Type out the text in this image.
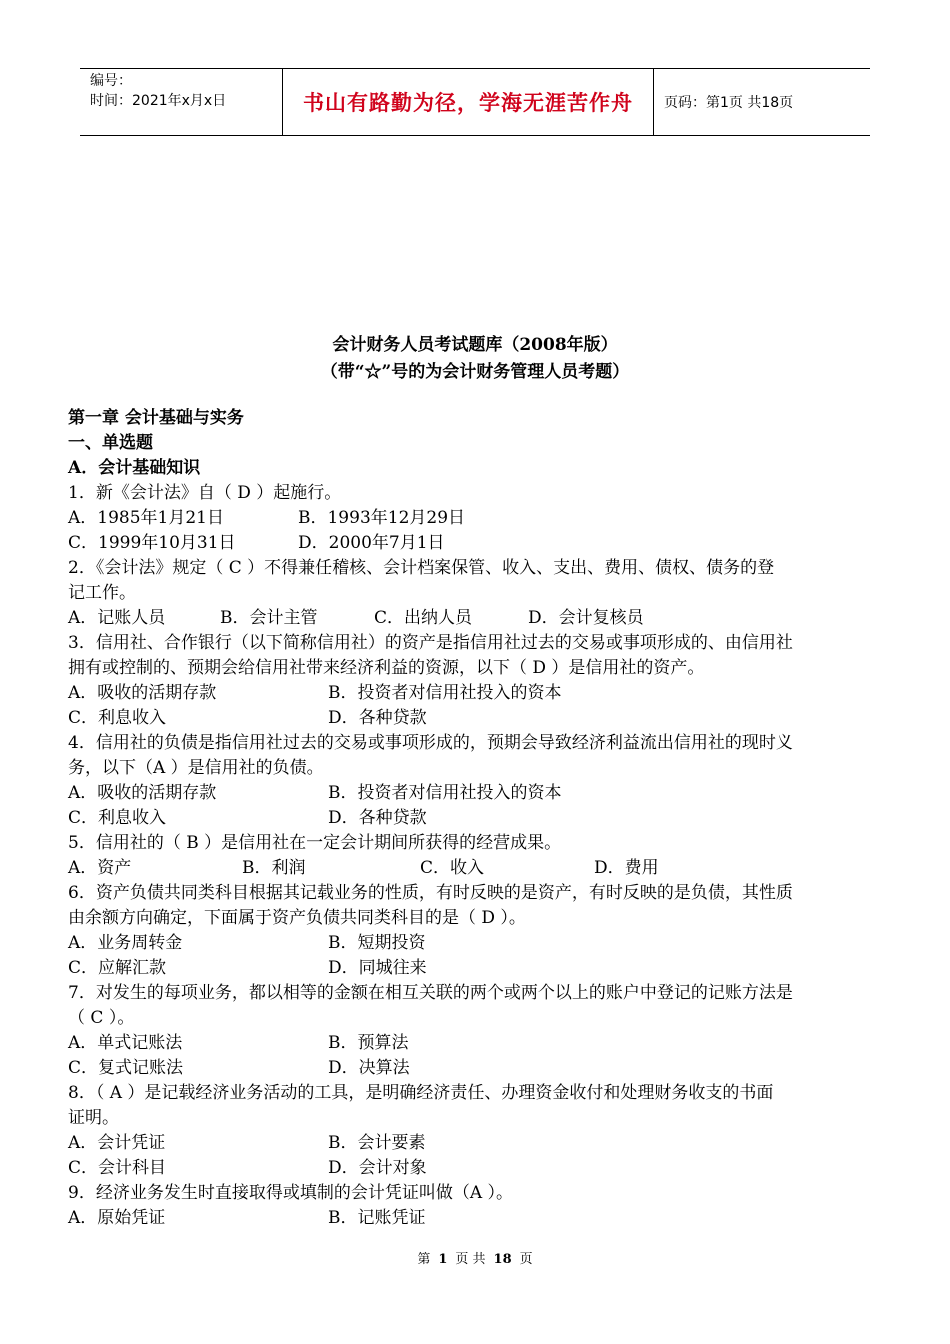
编号：
时间：2021年x月x日	书山有路勤为径，学海无涯苦作舟	页码：第1页 共18页
会计财务人员考试题库（2008年版）
（带“☆”号的为会计财务管理人员考题）
第一章 会计基础与实务
一、单选题
A．会计基础知识
1．新《会计法》自（ D ）起施行。
A．1985年1月21日	B．1993年12月29日
C．1999年10月31日	D．2000年7月1日
2．《会计法》规定（ C ）不得兼任稽核、会计档案保管、收入、支出、费用、债权、债务的登
记工作。
A．记账人员	B．会计主管	C．出纳人员	D．会计复核员
3．信用社、合作银行（以下简称信用社）的资产是指信用社过去的交易或事项形成的、由信用社
拥有或控制的、预期会给信用社带来经济利益的资源，以下（ D ）是信用社的资产。
A．吸收的活期存款	B．投资者对信用社投入的资本
C．利息收入	D．各种贷款
4．信用社的负债是指信用社过去的交易或事项形成的，预期会导致经济利益流出信用社的现时义
务，以下（A ）是信用社的负债。
A．吸收的活期存款	B．投资者对信用社投入的资本
C．利息收入	D．各种贷款
5．信用社的（ B ）是信用社在一定会计期间所获得的经营成果。
A．资产	B．利润	C．收入	D．费用
6．资产负债共同类科目根据其记载业务的性质，有时反映的是资产，有时反映的是负债，其性质
由余额方向确定，下面属于资产负债共同类科目的是（ D ）。
A．业务周转金	B．短期投资
C．应解汇款	D．同城往来
7．对发生的每项业务，都以相等的金额在相互关联的两个或两个以上的账户中登记的记账方法是
（ C ）。
A．单式记账法	B．预算法
C．复式记账法	D．决算法
8．（ A ）是记载经济业务活动的工具，是明确经济责任、办理资金收付和处理财务收支的书面
证明。
A．会计凭证	B．会计要素
C．会计科目	D．会计对象
9．经济业务发生时直接取得或填制的会计凭证叫做（A ）。
A．原始凭证	B．记账凭证
第 1 页 共 18 页
